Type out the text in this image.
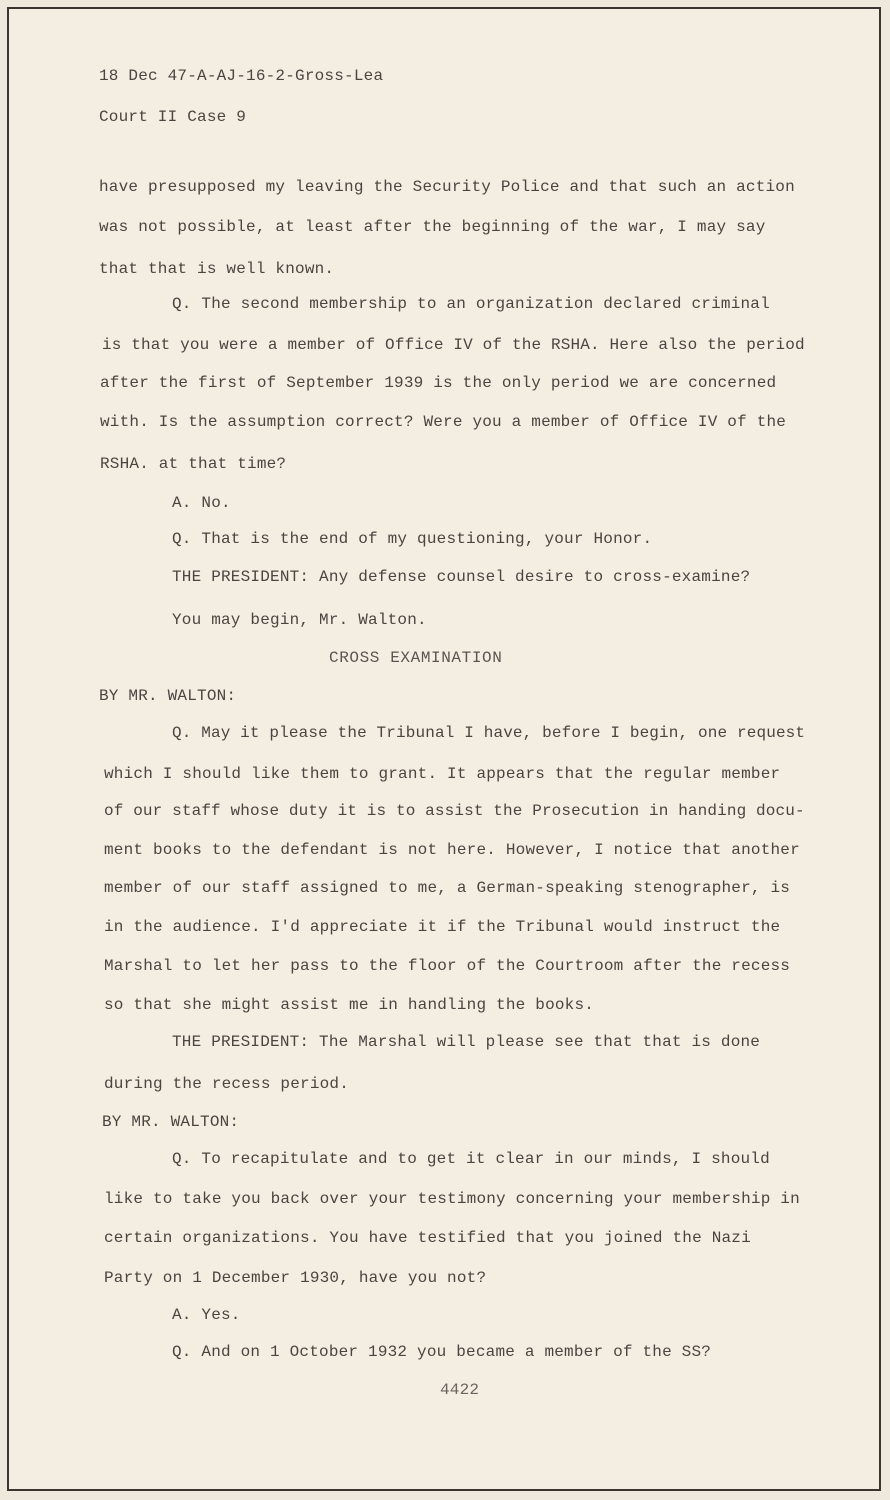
18 Dec 47-A-AJ-16-2-Gross-Lea
Court II Case 9
have presupposed my leaving the Security Police and that such an action
was not possible, at least after the beginning of the war, I may say
that that is well known.
Q. The second membership to an organization declared criminal
is that you were a member of Office IV of the RSHA. Here also the period
after the first of September 1939 is the only period we are concerned
with. Is the assumption correct? Were you a member of Office IV of the
RSHA. at that time?
A. No.
Q. That is the end of my questioning, your Honor.
THE PRESIDENT: Any defense counsel desire to cross-examine?
You may begin, Mr. Walton.
CROSS EXAMINATION
BY MR. WALTON:
Q. May it please the Tribunal I have, before I begin, one request
which I should like them to grant. It appears that the regular member
of our staff whose duty it is to assist the Prosecution in handing docu-
ment books to the defendant is not here. However, I notice that another
member of our staff assigned to me, a German-speaking stenographer, is
in the audience. I'd appreciate it if the Tribunal would instruct the
Marshal to let her pass to the floor of the Courtroom after the recess
so that she might assist me in handling the books.
THE PRESIDENT: The Marshal will please see that that is done
during the recess period.
BY MR. WALTON:
Q. To recapitulate and to get it clear in our minds, I should
like to take you back over your testimony concerning your membership in
certain organizations. You have testified that you joined the Nazi
Party on 1 December 1930, have you not?
A. Yes.
Q. And on 1 October 1932 you became a member of the SS?
4422
